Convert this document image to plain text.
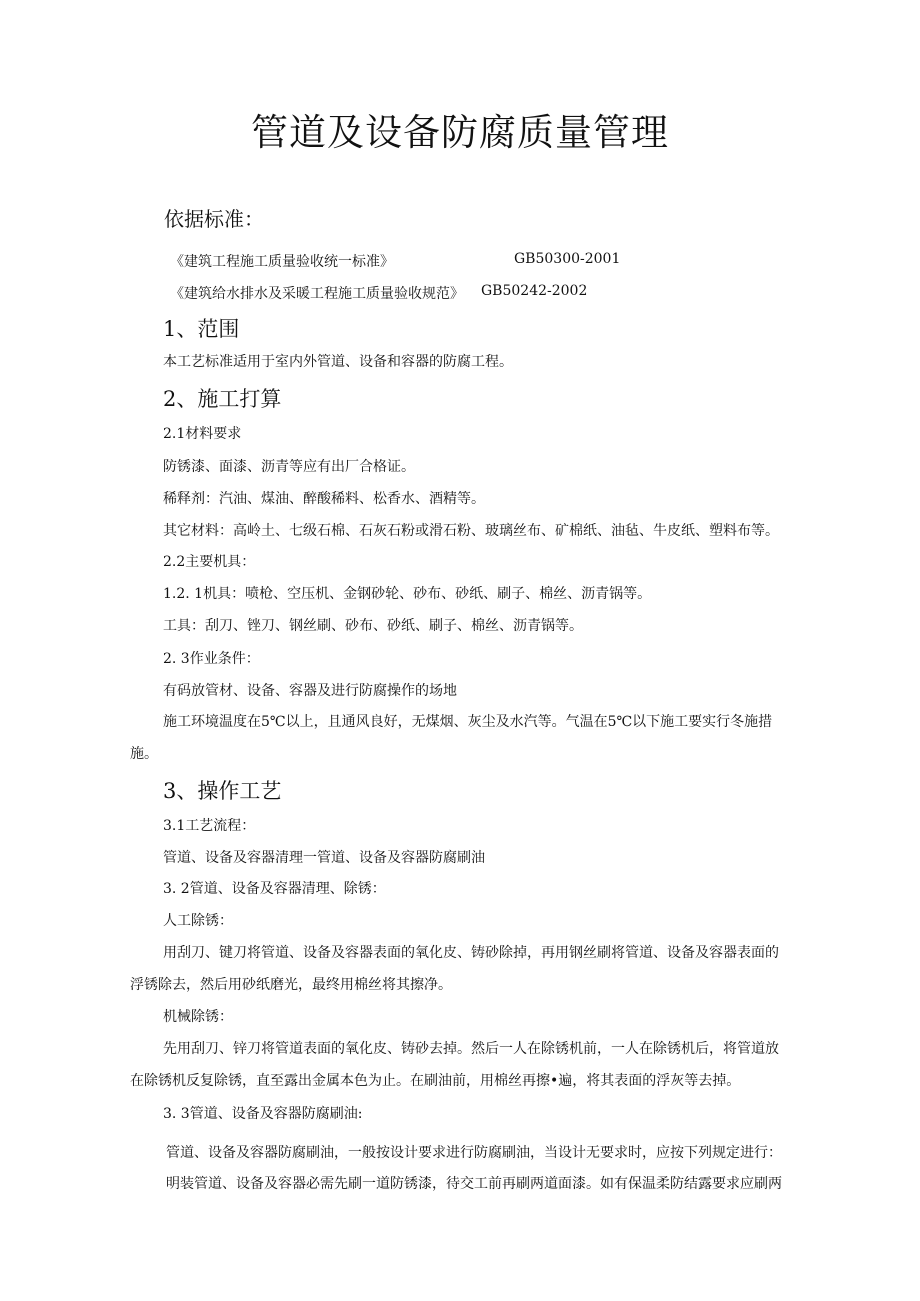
管道及设备防腐质量管理
依据标准：
《建筑工程施工质量验收统一标准》	GB50300-2001
《建筑给水排水及采暖工程施工质量验收规范》 GB50242-2002
1、范围
本工艺标准适用于室内外管道、设备和容器的防腐工程。
2、施工打算
2.1材料要求
防锈漆、面漆、沥青等应有出厂合格证。
稀释剂：汽油、煤油、醉酸稀料、松香水、酒精等。
其它材料：高岭土、七级石棉、石灰石粉或滑石粉、玻璃丝布、矿棉纸、油毡、牛皮纸、塑料布等。
2.2主要机具：
1.2. 1机具：喷枪、空压机、金钢砂轮、砂布、砂纸、刷子、棉丝、沥青锅等。
工具：刮刀、锉刀、钢丝刷、砂布、砂纸、刷子、棉丝、沥青锅等。
2. 3作业条件：
有码放管材、设备、容器及进行防腐操作的场地
施工环境温度在5℃以上，且通风良好，无煤烟、灰尘及水汽等。气温在5℃以下施工要实行冬施措
施。
3、操作工艺
3.1工艺流程：
管道、设备及容器清理一管道、设备及容器防腐刷油
3. 2管道、设备及容器清理、除锈：
人工除锈：
用刮刀、键刀将管道、设备及容器表面的氧化皮、铸砂除掉，再用钢丝刷将管道、设备及容器表面的
浮锈除去，然后用砂纸磨光，最终用棉丝将其擦净。
机械除锈：
先用刮刀、锌刀将管道表面的氧化皮、铸砂去掉。然后一人在除锈机前，一人在除锈机后，将管道放
在除锈机反复除锈，直至露出金属本色为止。在刷油前，用棉丝再擦•遍，将其表面的浮灰等去掉。
3. 3管道、设备及容器防腐刷油:
管道、设备及容器防腐刷油，一般按设计要求进行防腐刷油，当设计无要求时，应按下列规定进行：
明装管道、设备及容器必需先刷一道防锈漆，待交工前再刷两道面漆。如有保温柔防结露要求应刷两
